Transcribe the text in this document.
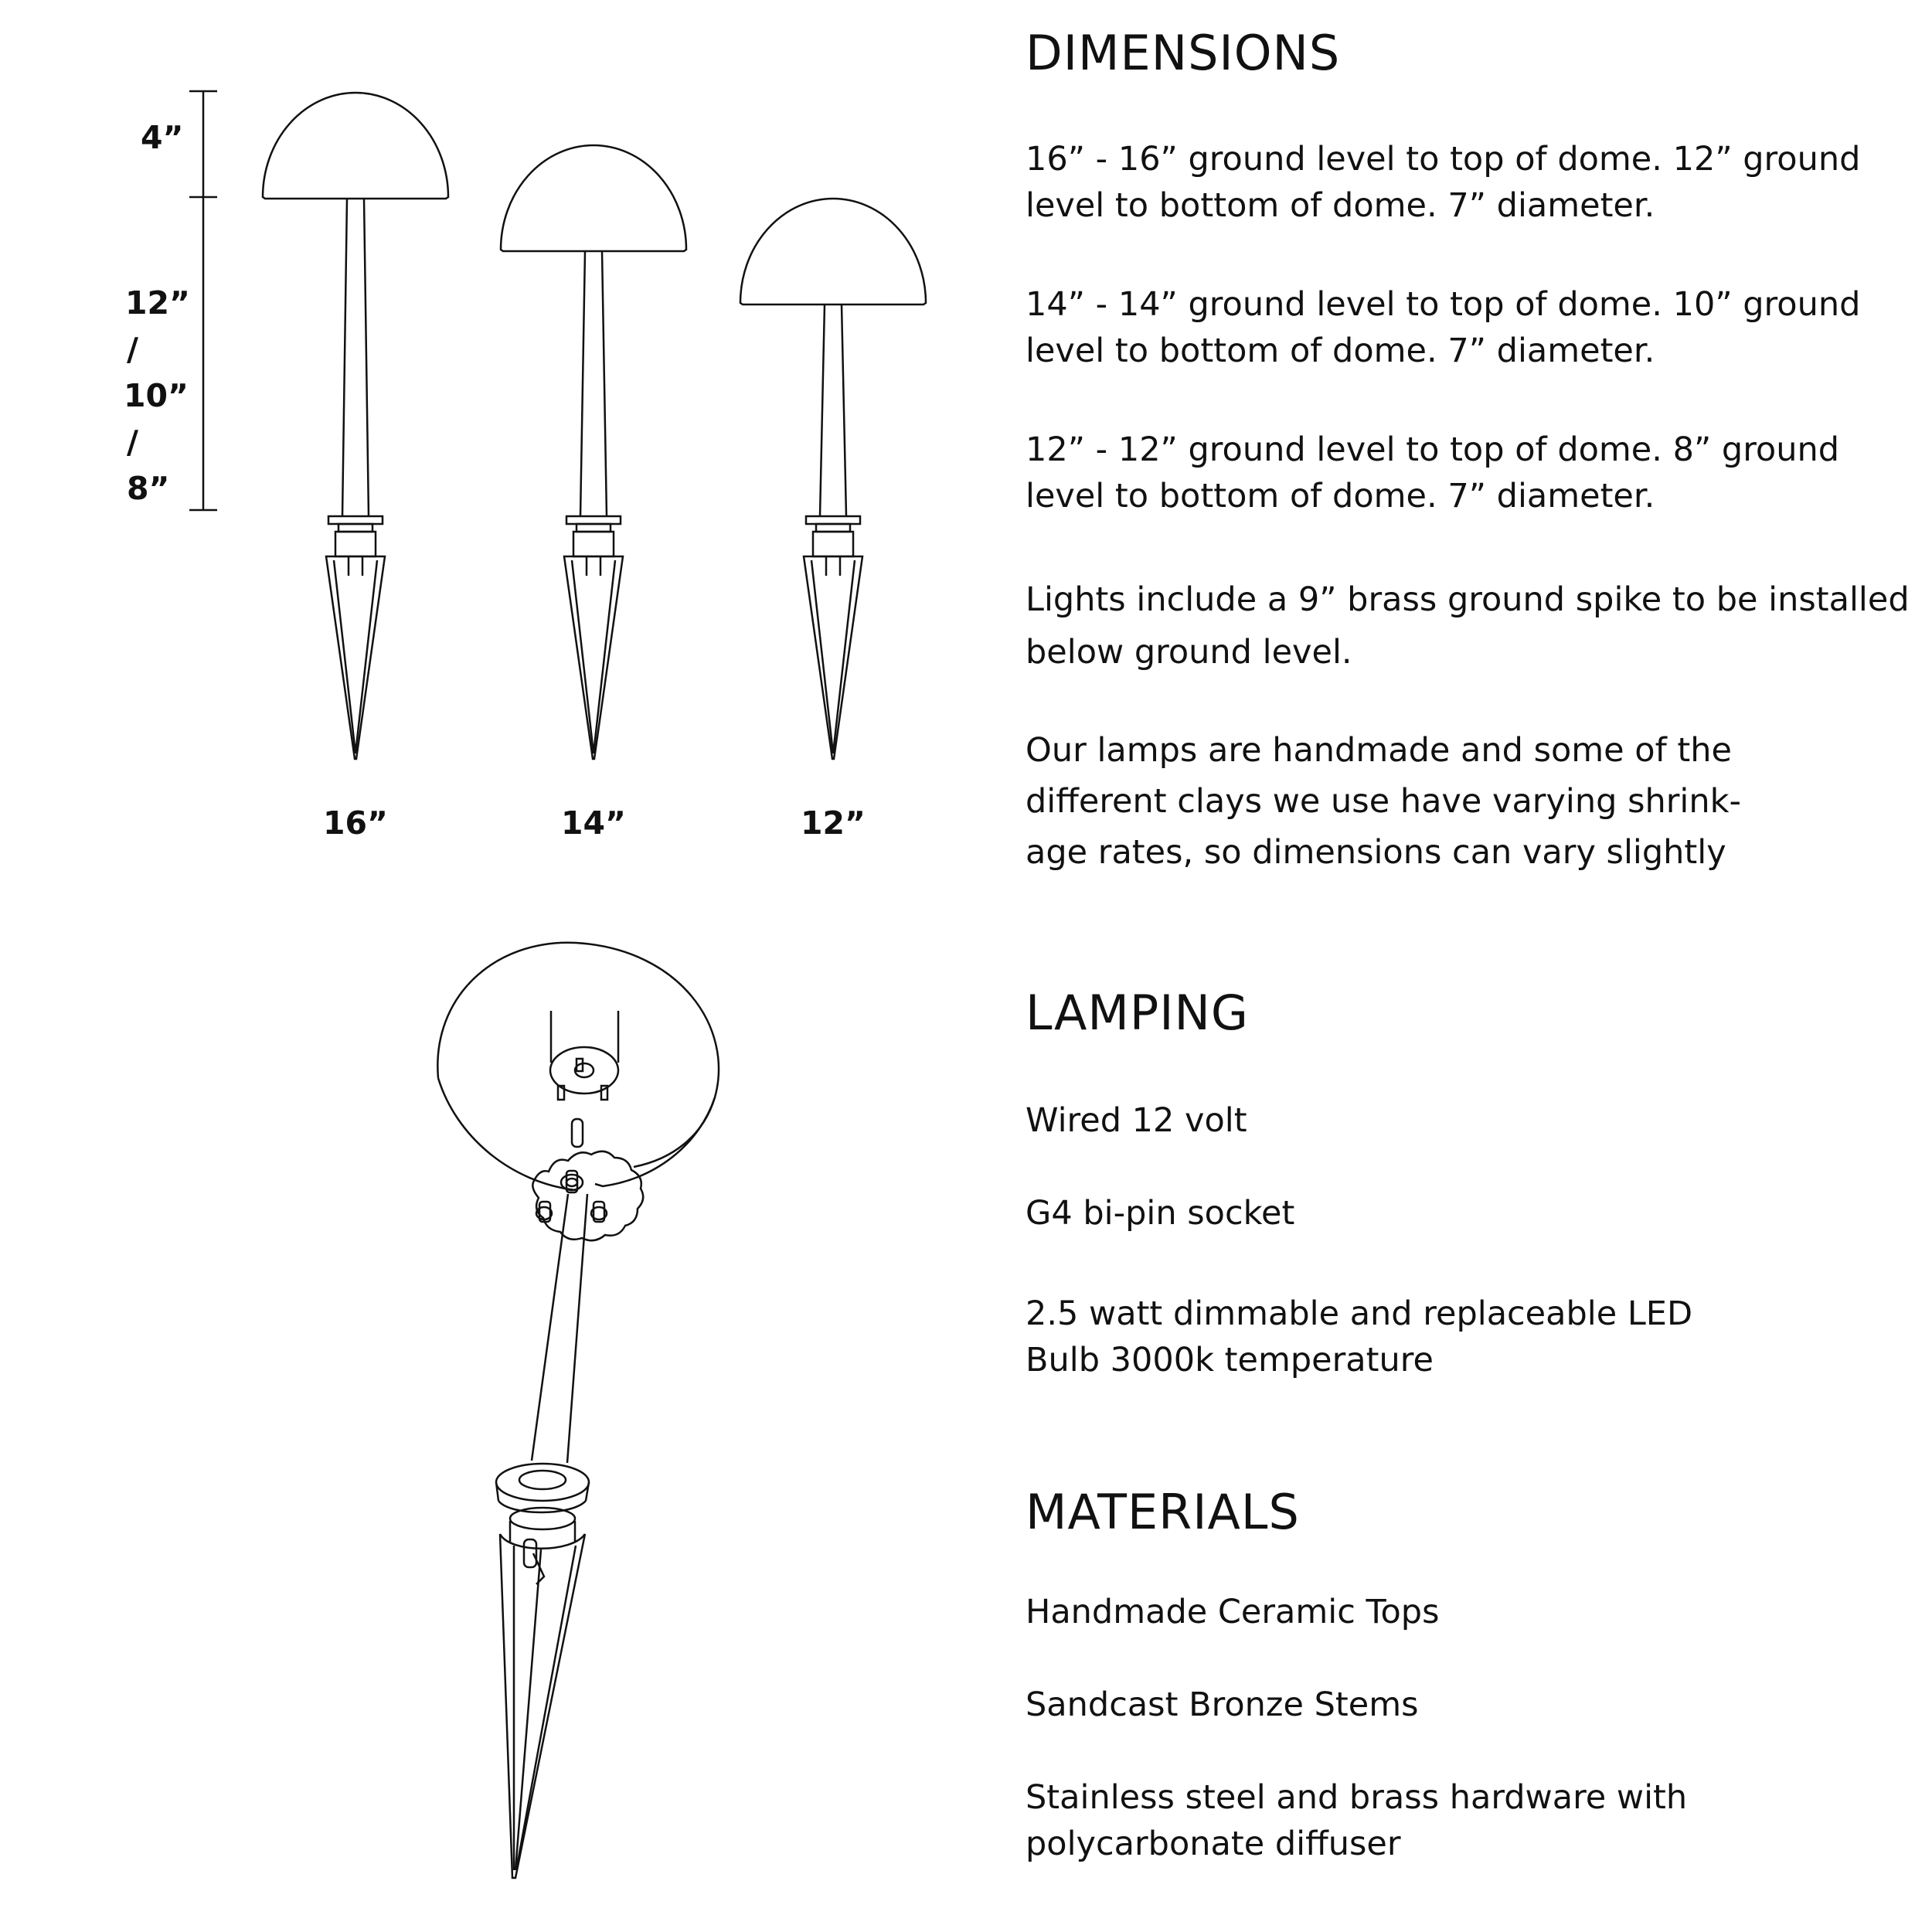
4”
12”
/
10”
/
8”
16”	14”	12”
DIMENSIONS
16” - 16” ground level to top of dome. 12” ground level to bottom of dome. 7” diameter.
14” - 14” ground level to top of dome. 10” ground level to bottom of dome. 7” diameter.
12” - 12” ground level to top of dome. 8” ground level to bottom of dome. 7” diameter.
Lights include a 9” brass ground spike to be installed below ground level.
Our lamps are handmade and some of the different clays we use have varying shrink-age rates, so dimensions can vary slightly
LAMPING
Wired 12 volt
G4 bi-pin socket
2.5 watt dimmable and replaceable LED Bulb 3000k temperature
MATERIALS
Handmade Ceramic Tops
Sandcast Bronze Stems
Stainless steel and brass hardware with polycarbonate diffuser
